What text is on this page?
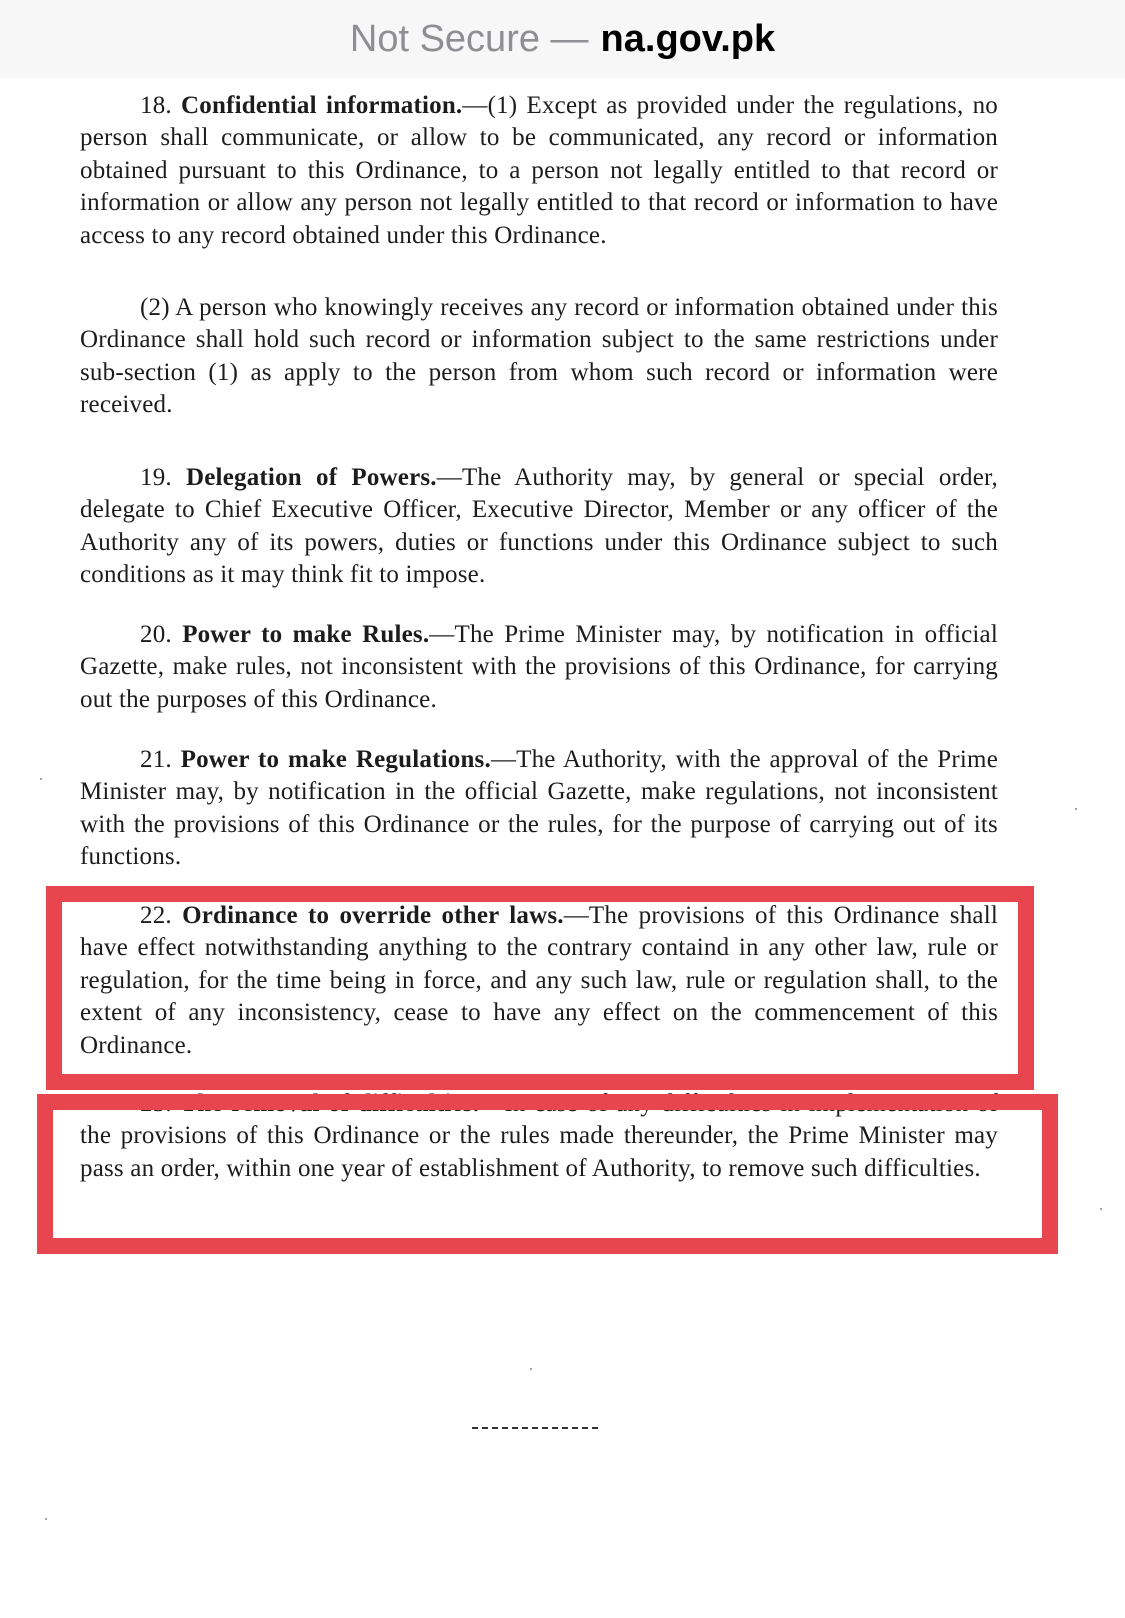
Not Secure — na.gov.pk

18. Confidential information.—(1) Except as provided under the regulations, no person shall communicate, or allow to be communicated, any record or information obtained pursuant to this Ordinance, to a person not legally entitled to that record or information or allow any person not legally entitled to that record or information to have access to any record obtained under this Ordinance.

(2) A person who knowingly receives any record or information obtained under this Ordinance shall hold such record or information subject to the same restrictions under sub-section (1) as apply to the person from whom such record or information were received.

19. Delegation of Powers.—The Authority may, by general or special order, delegate to Chief Executive Officer, Executive Director, Member or any officer of the Authority any of its powers, duties or functions under this Ordinance subject to such conditions as it may think fit to impose.

20. Power to make Rules.—The Prime Minister may, by notification in official Gazette, make rules, not inconsistent with the provisions of this Ordinance, for carrying out the purposes of this Ordinance.

21. Power to make Regulations.—The Authority, with the approval of the Prime Minister may, by notification in the official Gazette, make regulations, not inconsistent with the provisions of this Ordinance or the rules, for the purpose of carrying out of its functions.

22. Ordinance to override other laws.—The provisions of this Ordinance shall have effect notwithstanding anything to the contrary containd in any other law, rule or regulation, for the time being in force, and any such law, rule or regulation shall, to the extent of any inconsistency, cease to have any effect on the commencement of this Ordinance.

23. The removal of difficulties.—In case of any difficulties in implementation of the provisions of this Ordinance or the rules made thereunder, the Prime Minister may pass an order, within one year of establishment of Authority, to remove such difficulties.
